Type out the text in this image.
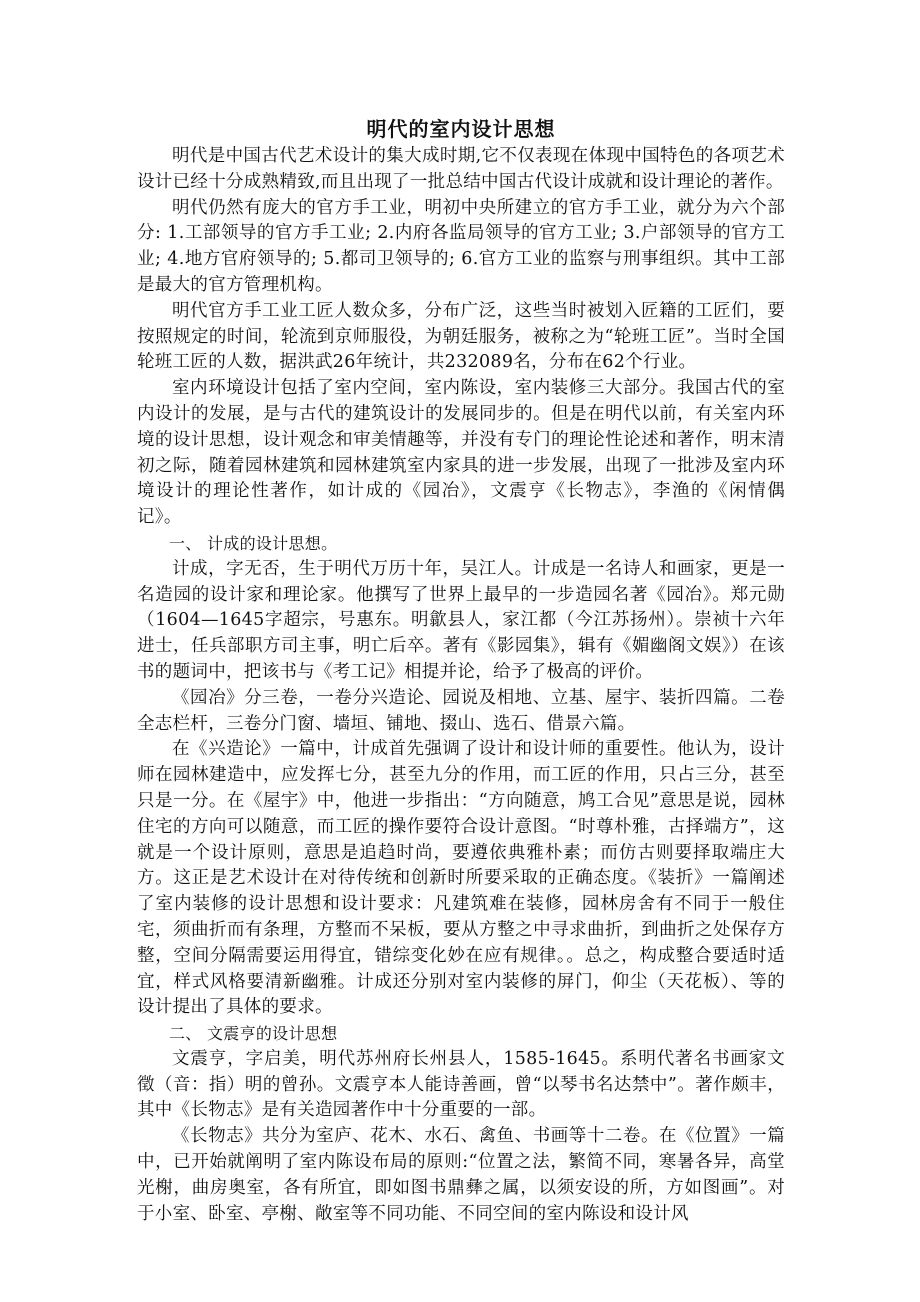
明代的室内设计思想

明代是中国古代艺术设计的集大成时期,它不仅表现在体现中国特色的各项艺术设计已经十分成熟精致,而且出现了一批总结中国古代设计成就和设计理论的著作。

明代仍然有庞大的官方手工业，明初中央所建立的官方手工业，就分为六个部分: 1.工部领导的官方手工业; 2.内府各监局领导的官方工业; 3.户部领导的官方工业; 4.地方官府领导的; 5.都司卫领导的; 6.官方工业的监察与刑事组织。其中工部是最大的官方管理机构。

明代官方手工业工匠人数众多，分布广泛，这些当时被划入匠籍的工匠们，要按照规定的时间，轮流到京师服役，为朝廷服务，被称之为“轮班工匠”。当时全国轮班工匠的人数，据洪武26年统计，共232089名，分布在62个行业。

室内环境设计包括了室内空间，室内陈设，室内装修三大部分。我国古代的室内设计的发展，是与古代的建筑设计的发展同步的。但是在明代以前，有关室内环境的设计思想，设计观念和审美情趣等，并没有专门的理论性论述和著作，明末清初之际，随着园林建筑和园林建筑室内家具的进一步发展，出现了一批涉及室内环境设计的理论性著作，如计成的《园冶》，文震亨《长物志》，李渔的《闲情偶记》。

一、 计成的设计思想。

计成，字无否，生于明代万历十年，吴江人。计成是一名诗人和画家，更是一名造园的设计家和理论家。他撰写了世界上最早的一步造园名著《园冶》。郑元勋（1604—1645字超宗，号惠东。明歙县人，家江都（今江苏扬州）。崇祯十六年进士，任兵部职方司主事，明亡后卒。著有《影园集》，辑有《媚幽阁文娱》）在该书的题词中，把该书与《考工记》相提并论，给予了极高的评价。

《园冶》分三卷，一卷分兴造论、园说及相地、立基、屋宇、装折四篇。二卷全志栏杆，三卷分门窗、墙垣、铺地、掇山、选石、借景六篇。

在《兴造论》一篇中，计成首先强调了设计和设计师的重要性。他认为，设计师在园林建造中，应发挥七分，甚至九分的作用，而工匠的作用，只占三分，甚至只是一分。在《屋宇》中，他进一步指出：“方向随意，鸠工合见”意思是说，园林住宅的方向可以随意，而工匠的操作要符合设计意图。“时尊朴雅，古择端方”，这就是一个设计原则，意思是追趋时尚，要遵依典雅朴素；而仿古则要择取端庄大方。这正是艺术设计在对待传统和创新时所要采取的正确态度。《装折》一篇阐述了室内装修的设计思想和设计要求：凡建筑难在装修，园林房舍有不同于一般住宅，须曲折而有条理，方整而不呆板，要从方整之中寻求曲折，到曲折之处保存方整，空间分隔需要运用得宜，错综变化妙在应有规律。。总之，构成整合要适时适宜，样式风格要清新幽雅。计成还分别对室内装修的屏门，仰尘（天花板）、等的设计提出了具体的要求。

二、 文震亨的设计思想

文震亨，字启美，明代苏州府长州县人，1585-1645。系明代著名书画家文徵（音：指）明的曾孙。文震亨本人能诗善画，曾“以琴书名达禁中”。著作颇丰，其中《长物志》是有关造园著作中十分重要的一部。

《长物志》共分为室庐、花木、水石、禽鱼、书画等十二卷。在《位置》一篇中，已开始就阐明了室内陈设布局的原则:“位置之法，繁简不同，寒暑各异，高堂光榭，曲房奥室，各有所宜，即如图书鼎彝之属，以须安设的所，方如图画”。对于小室、卧室、亭榭、敞室等不同功能、不同空间的室内陈设和设计风
